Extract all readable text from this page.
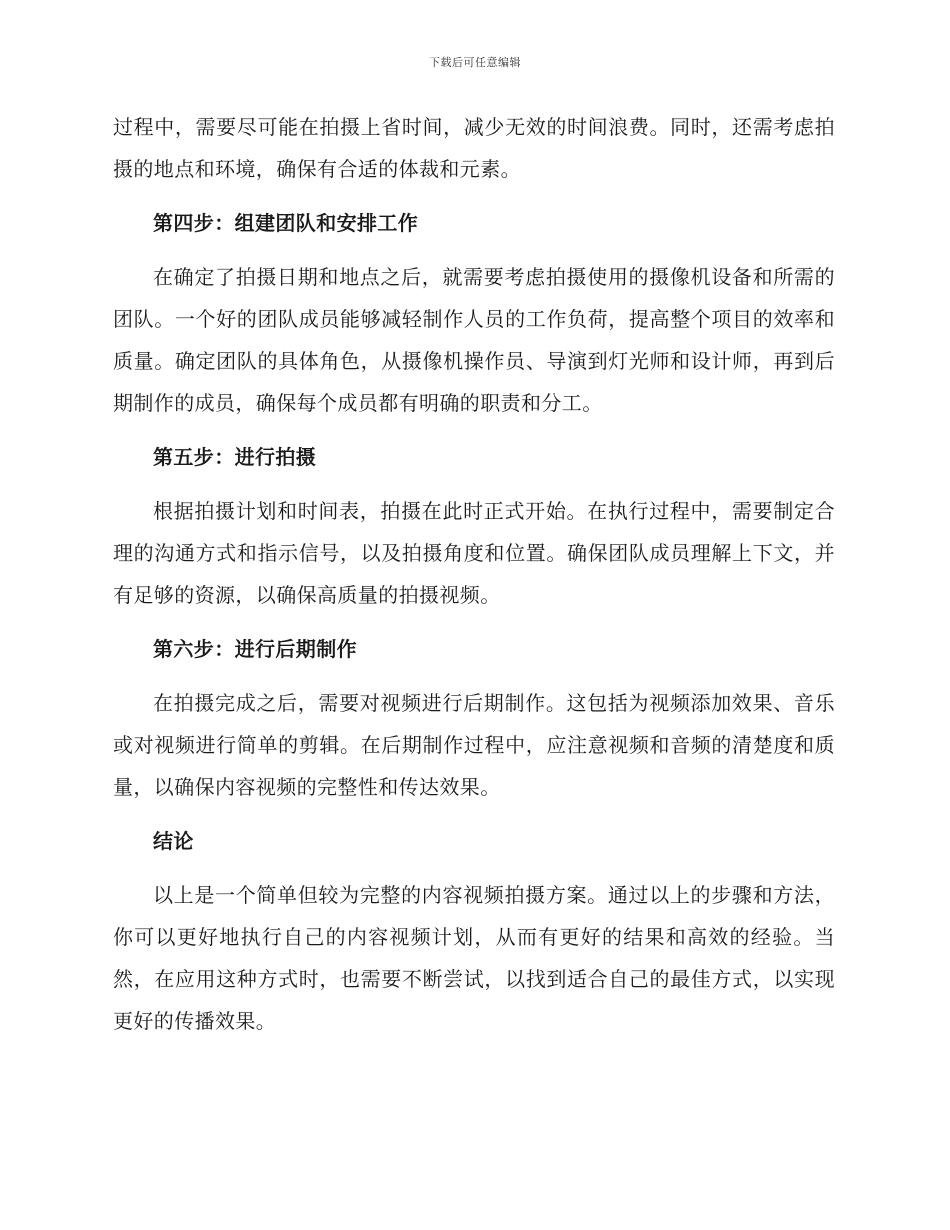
下载后可任意编辑

过程中，需要尽可能在拍摄上省时间，减少无效的时间浪费。同时，还需考虑拍摄的地点和环境，确保有合适的体裁和元素。

第四步：组建团队和安排工作

在确定了拍摄日期和地点之后，就需要考虑拍摄使用的摄像机设备和所需的团队。一个好的团队成员能够减轻制作人员的工作负荷，提高整个项目的效率和质量。确定团队的具体角色，从摄像机操作员、导演到灯光师和设计师，再到后期制作的成员，确保每个成员都有明确的职责和分工。

第五步：进行拍摄

根据拍摄计划和时间表，拍摄在此时正式开始。在执行过程中，需要制定合理的沟通方式和指示信号，以及拍摄角度和位置。确保团队成员理解上下文，并有足够的资源，以确保高质量的拍摄视频。

第六步：进行后期制作

在拍摄完成之后，需要对视频进行后期制作。这包括为视频添加效果、音乐或对视频进行简单的剪辑。在后期制作过程中，应注意视频和音频的清楚度和质量，以确保内容视频的完整性和传达效果。

结论

以上是一个简单但较为完整的内容视频拍摄方案。通过以上的步骤和方法，你可以更好地执行自己的内容视频计划，从而有更好的结果和高效的经验。当然，在应用这种方式时，也需要不断尝试，以找到适合自己的最佳方式，以实现更好的传播效果。
